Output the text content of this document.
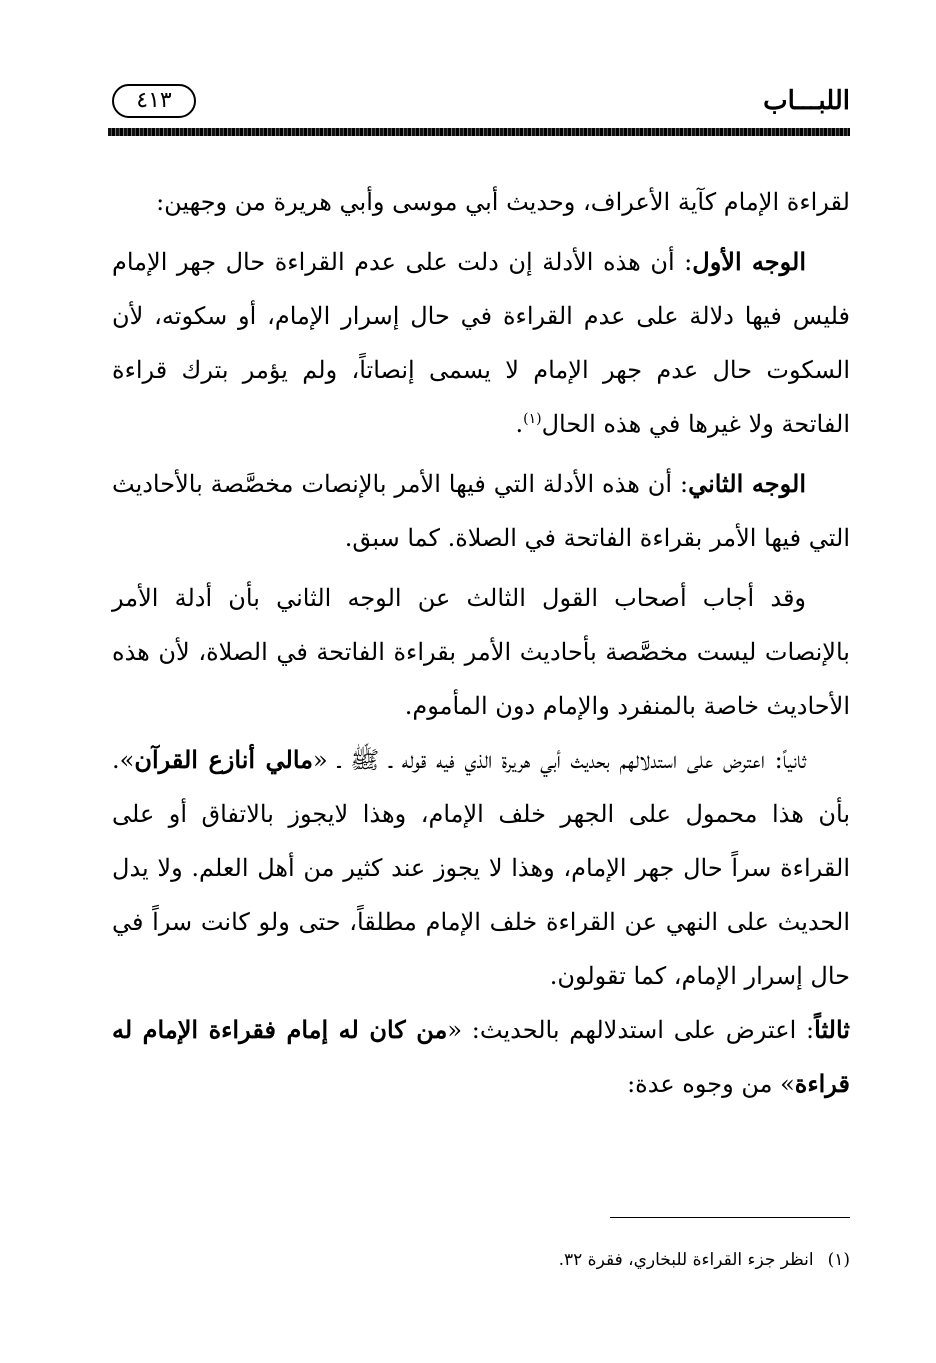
اللبـــاب
٤١٣

لقراءة الإمام كآية الأعراف، وحديث أبي موسى وأبي هريرة من وجهين:

الوجه الأول: أن هذه الأدلة إن دلت على عدم القراءة حال جهر الإمام فليس فيها دلالة على عدم القراءة في حال إسرار الإمام، أو سكوته، لأن السكوت حال عدم جهر الإمام لا يسمى إنصاتاً، ولم يؤمر بترك قراءة الفاتحة ولا غيرها في هذه الحال$^{(١)}$.

الوجه الثاني: أن هذه الأدلة التي فيها الأمر بالإنصات مخصَّصة بالأحاديث التي فيها الأمر بقراءة الفاتحة في الصلاة. كما سبق.

وقد أجاب أصحاب القول الثالث عن الوجه الثاني بأن أدلة الأمر بالإنصات ليست مخصَّصة بأحاديث الأمر بقراءة الفاتحة في الصلاة، لأن هذه الأحاديث خاصة بالمنفرد والإمام دون المأموم.

ثانياً: اعترض على استدلالهم بحديث أبي هريرة الذي فيه قوله ـ ﷺ ـ «مالي أنازع القرآن». بأن هذا محمول على الجهر خلف الإمام، وهذا لايجوز بالاتفاق أو على القراءة سراً حال جهر الإمام، وهذا لا يجوز عند كثير من أهل العلم. ولا يدل الحديث على النهي عن القراءة خلف الإمام مطلقاً، حتى ولو كانت سراً في حال إسرار الإمام، كما تقولون.

ثالثاً: اعترض على استدلالهم بالحديث: «من كان له إمام فقراءة الإمام له قراءة» من وجوه عدة:

(١)انظر جزء القراءة للبخاري، فقرة ٣٢.
